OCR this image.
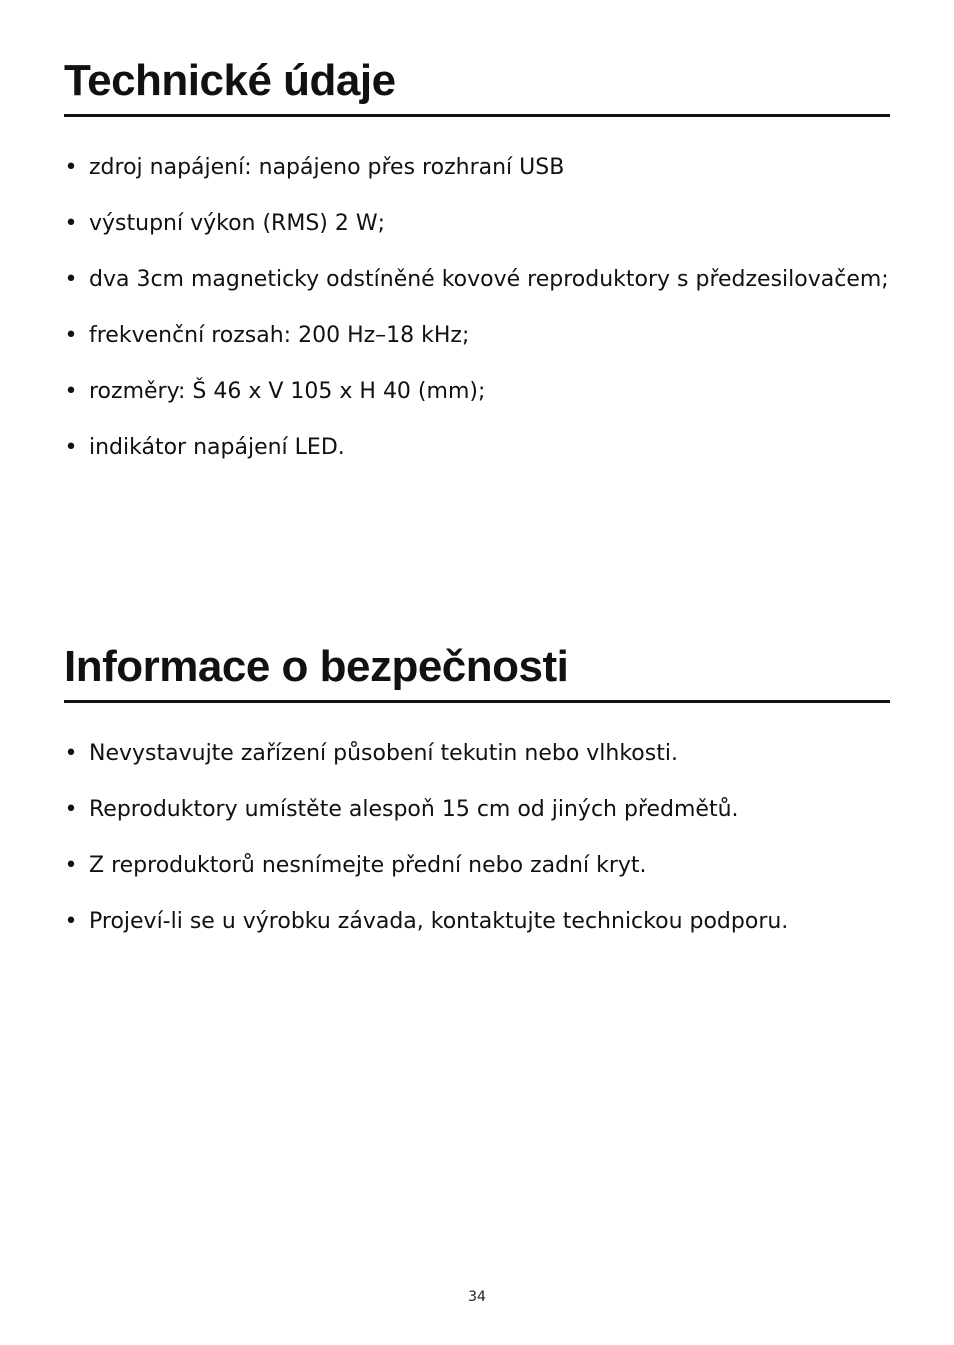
Technické údaje
• zdroj napájení: napájeno přes rozhraní USB
• výstupní výkon (RMS) 2 W;
• dva 3cm magneticky odstíněné kovové reproduktory s předzesilovačem;
• frekvenční rozsah: 200 Hz–18 kHz;
• rozměry: Š 46 x V 105 x H 40 (mm);
• indikátor napájení LED.
Informace o bezpečnosti
• Nevystavujte zařízení působení tekutin nebo vlhkosti.
• Reproduktory umístěte alespoň 15 cm od jiných předmětů.
• Z reproduktorů nesnímejte přední nebo zadní kryt.
• Projeví-li se u výrobku závada, kontaktujte technickou podporu.
34
